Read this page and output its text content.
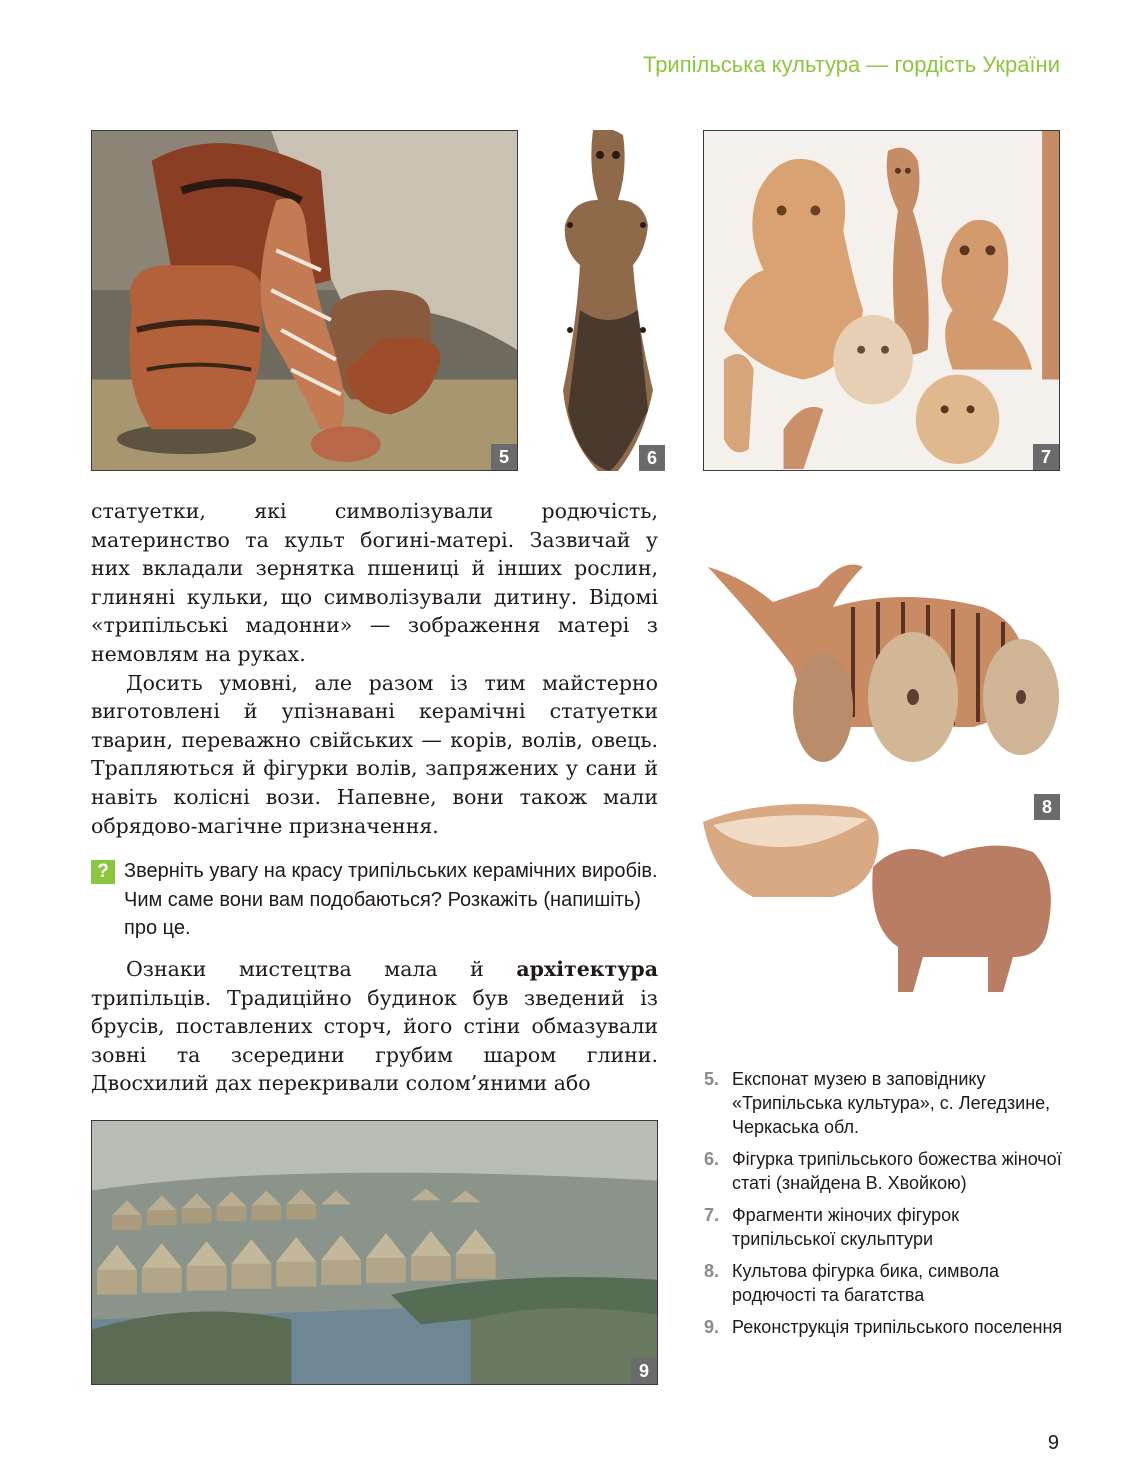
Трипільська культура — гордість України
5	6	7

статуетки, які символізували родючість, материнство та культ богині-матері. Зазвичай у них вкладали зернятка пшениці й інших рослин, глиняні кульки, що символізували дитину. Відомі «трипільські мадонни» — зображення матері з немовлям на руках.

Досить умовні, але разом із тим майстерно виготовлені й упізнавані керамічні статуетки тварин, переважно свійських — корів, волів, овець. Трапляються й фігурки волів, запряжених у сани й навіть колісні вози. Напевне, вони також мали обрядово-магічне призначення.

? Зверніть увагу на красу трипільських керамічних виробів. Чим саме вони вам подобаються? Розкажіть (напишіть) про це.

Ознаки мистецтва мала й архітектура трипільців. Традиційно будинок був зведений із брусів, поставлених сторч, його стіни обмазували зовні та зсередини грубим шаром глини. Двосхилий дах перекривали солом’яними або

8
9
5. Експонат музею в заповіднику «Трипільська культура», с. Легедзине, Черкаська обл.
6. Фігурка трипільського божества жіночої статі (знайдена В. Хвойкою)
7. Фрагменти жіночих фігурок трипільської скульптури
8. Культова фігурка бика, символа родючості та багатства
9. Реконструкція трипільського поселення
9
